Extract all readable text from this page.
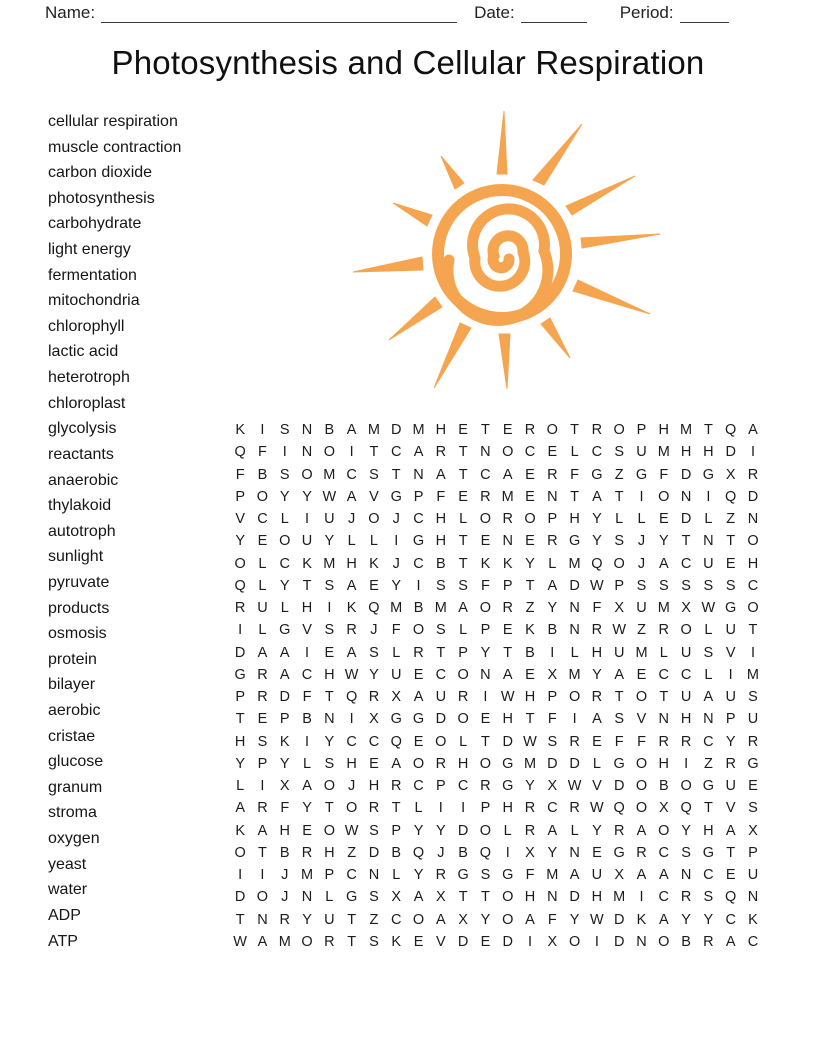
Name:	Date:	Period:
Photosynthesis and Cellular Respiration
cellular respiration
muscle contraction
carbon dioxide
photosynthesis
carbohydrate
light energy
fermentation
mitochondria
chlorophyll
lactic acid
heterotroph
chloroplast
glycolysis
reactants
anaerobic
thylakoid
autotroph
sunlight
pyruvate
products
osmosis
protein
bilayer
aerobic
cristae
glucose
granum
stroma
oxygen
yeast
water
ADP
ATP
K	I	S N B A M D M H E T E R O T R O P H M T Q A
Q F	I	N O	I	T C A R T N O C E L C S U M H H D	I
F B S O M C S T N A T C A E R F G Z G F D G X R
P O Y Y W A V G P F E R M E N T A T	I	O N	I	Q D
V C L	I	U J O J C H L O R O P H Y L L E D L Z N
Y E O U Y L L	I	G H T E N E R G Y S J Y T N T O
O L C K M H K J C B T K K Y L M Q O J A C U E H
Q L Y T S A E Y	I	S S F P T A D W P S S S S S C
R U L H	I	K Q M B M A O R Z Y N F X U M X W G O
I	L G V S R J F O S L P E K B N R W Z R O L U T
D A A	I	E A S L R T P Y T B	I	L H U M L U S V	I
G R A C H W Y U E C O N A E X M Y A E C C L	I M
P R D F T Q R X A U R	I W H P O R T O T U A U S
T E P B N	I	X G G D O E H T F	I	A S V N H N P U
H S K	I	Y C C Q E O L T D W S R E F F R R C Y R
Y P Y L S H E A O R H O G M D D L G O H	I	Z R G
L	I	X A O J H R C P C R G Y X W V D O B O G U E
A R F Y T O R T L	I	I	P H R C R W Q O X Q T V S
K A H E O W S P Y Y D O L R A L Y R A O Y H A X
O T B R H Z D B Q J B Q	I	X Y N E G R C S G T P
I	I	J M P C N L Y R G S G F M A U X A A N C E U
D O J N L G S X A X T T O H N D H M I	C R S Q N
T N R Y U T Z C O A X Y O A F Y W D K A Y Y C K
W A M O R T S K E V D E D	I	X O	I	D N O B R A C
